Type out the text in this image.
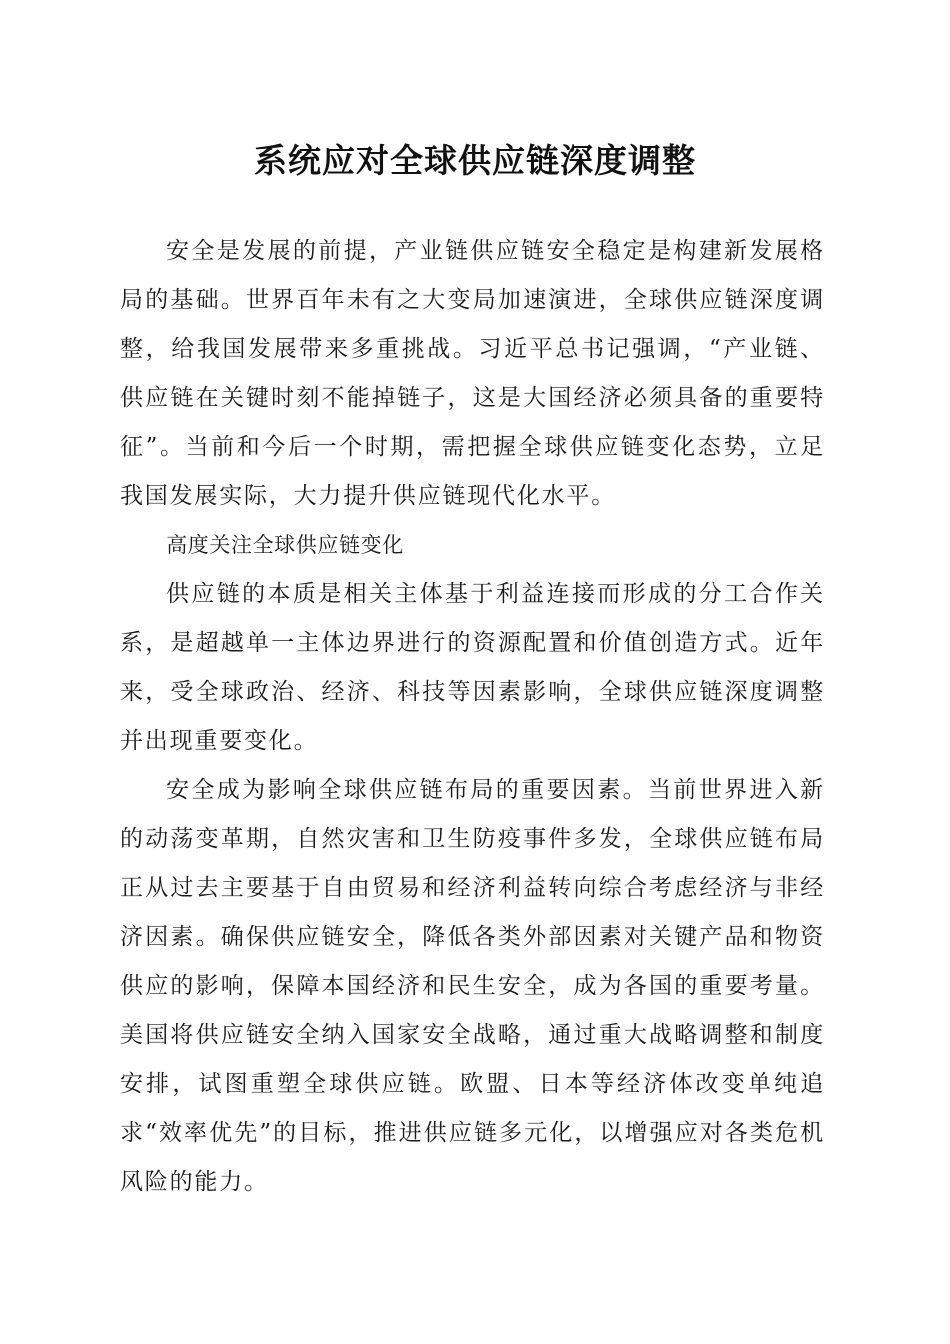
系统应对全球供应链深度调整

安全是发展的前提，产业链供应链安全稳定是构建新发展格局的基础。世界百年未有之大变局加速演进，全球供应链深度调整，给我国发展带来多重挑战。习近平总书记强调，“产业链、供应链在关键时刻不能掉链子，这是大国经济必须具备的重要特征”。当前和今后一个时期，需把握全球供应链变化态势，立足我国发展实际，大力提升供应链现代化水平。

高度关注全球供应链变化

供应链的本质是相关主体基于利益连接而形成的分工合作关系，是超越单一主体边界进行的资源配置和价值创造方式。近年来，受全球政治、经济、科技等因素影响，全球供应链深度调整并出现重要变化。

安全成为影响全球供应链布局的重要因素。当前世界进入新的动荡变革期，自然灾害和卫生防疫事件多发，全球供应链布局正从过去主要基于自由贸易和经济利益转向综合考虑经济与非经济因素。确保供应链安全，降低各类外部因素对关键产品和物资供应的影响，保障本国经济和民生安全，成为各国的重要考量。美国将供应链安全纳入国家安全战略，通过重大战略调整和制度安排，试图重塑全球供应链。欧盟、日本等经济体改变单纯追求“效率优先”的目标，推进供应链多元化，以增强应对各类危机风险的能力。
